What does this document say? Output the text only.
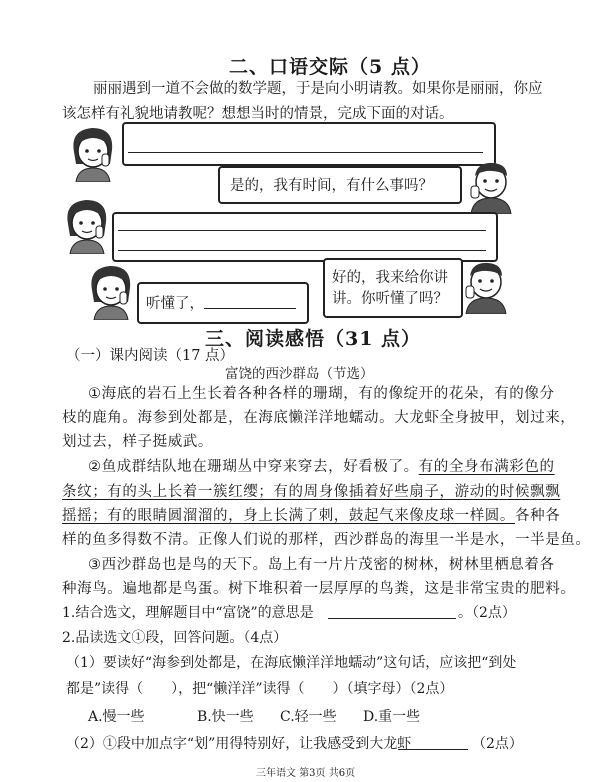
二、口语交际（5 点）
丽丽遇到一道不会做的数学题，于是向小明请教。如果你是丽丽，你应
该怎样有礼貌地请教呢？想想当时的情景，完成下面的对话。
是的，我有时间，有什么事吗？
好的，我来给你讲
讲。你听懂了吗？
听懂了，
三、阅读感悟（31 点）
（一）课内阅读（17 点）
富饶的西沙群岛（节选）
①海底的岩石上生长着各种各样的珊瑚，有的像绽开的花朵，有的像分
枝的鹿角。海参到处都是，在海底懒洋洋地蠕动。大龙虾全身披甲，划过来，
划过去，样子挺威武。
②鱼成群结队地在珊瑚丛中穿来穿去，好看极了。有的全身布满彩色的
条纹；有的头上长着一簇红缨；有的周身像插着好些扇子，游动的时候飘飘
摇摇；有的眼睛圆溜溜的，身上长满了刺，鼓起气来像皮球一样圆。各种各
样的鱼多得数不清。正像人们说的那样，西沙群岛的海里一半是水，一半是鱼。
③西沙群岛也是鸟的天下。岛上有一片片茂密的树林，树林里栖息着各
种海鸟。遍地都是鸟蛋。树下堆积着一层厚厚的鸟粪，这是非常宝贵的肥料。
1.结合选文，理解题目中“富饶”的意思是	。（2点）
2.品读选文①段，回答问题。（4点）
（1）要读好“海参到处都是，在海底懒洋洋地蠕动”这句话，应该把“到处
都是”读得（　　），把“懒洋洋”读得（　　）（填字母）（2点）
A.慢一些	B.快一些 C.轻一些 D.重一些
（2）①段中加点字“划”用得特别好，让我感受到大龙虾	（2点）
三年语文 第3页 共6页
